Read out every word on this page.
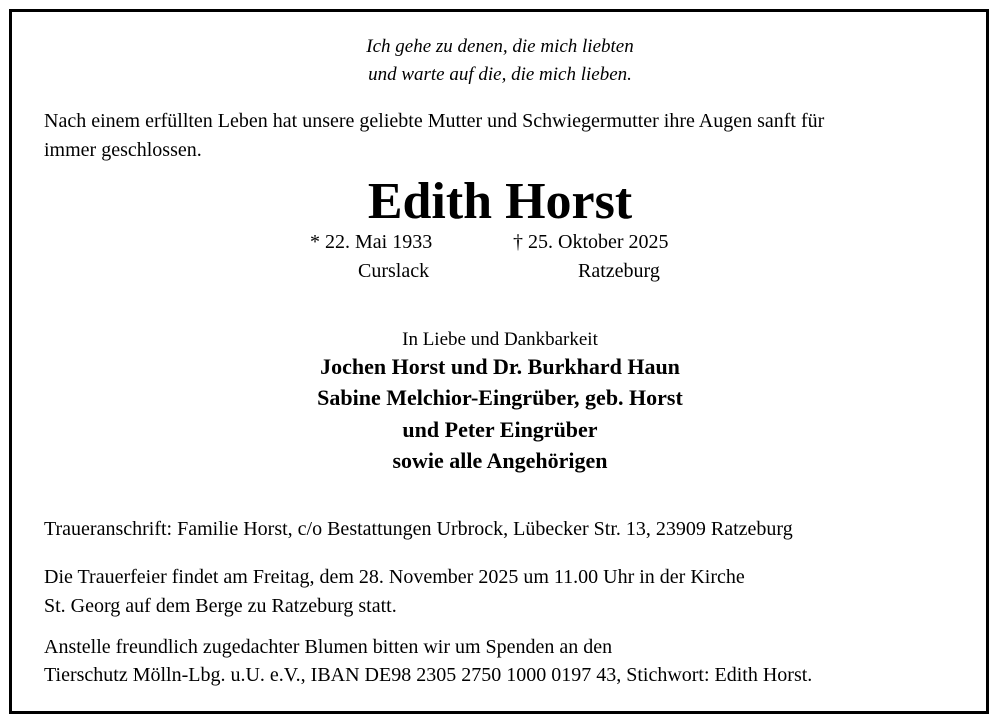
Ich gehe zu denen, die mich liebten
und warte auf die, die mich lieben.
Nach einem erfüllten Leben hat unsere geliebte Mutter und Schwiegermutter ihre Augen sanft für
immer geschlossen.
Edith Horst
* 22. Mai 1933
Curslack
† 25. Oktober 2025
Ratzeburg
In Liebe und Dankbarkeit
Jochen Horst und Dr. Burkhard Haun
Sabine Melchior-Eingrüber, geb. Horst
und Peter Eingrüber
sowie alle Angehörigen
Traueranschrift: Familie Horst, c/o Bestattungen Urbrock, Lübecker Str. 13, 23909 Ratzeburg
Die Trauerfeier findet am Freitag, dem 28. November 2025 um 11.00 Uhr in der Kirche
St. Georg auf dem Berge zu Ratzeburg statt.
Anstelle freundlich zugedachter Blumen bitten wir um Spenden an den
Tierschutz Mölln-Lbg. u.U. e.V., IBAN DE98 2305 2750 1000 0197 43, Stichwort: Edith Horst.
